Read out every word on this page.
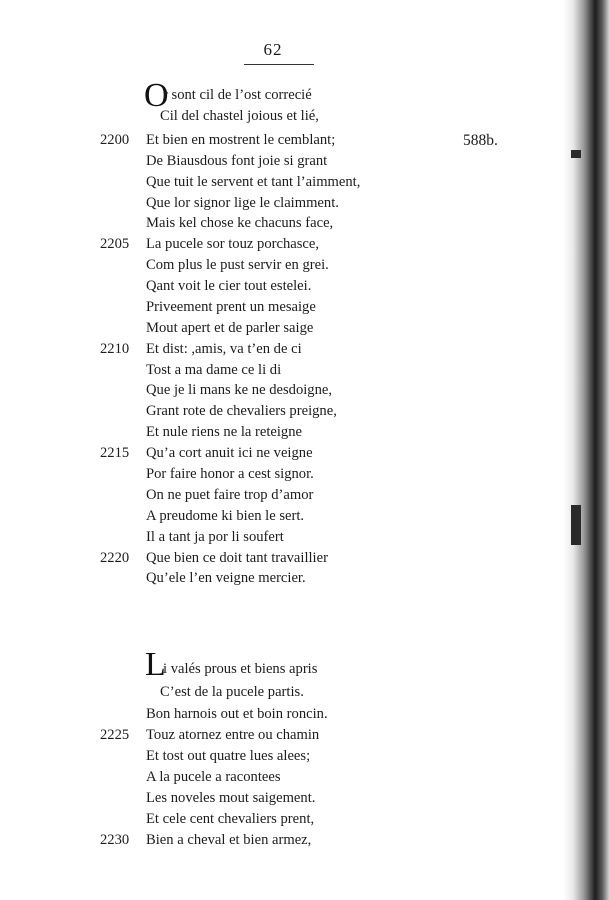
62
588b.
O
r sont cil de l’ost correcié
Cil del chastel joious et lié,
2200	Et bien en mostrent le cemblant;
De Biausdous font joie si grant
Que tuit le servent et tant l’aimment,
Que lor signor lige le claimment.
Mais kel chose ke chacuns face,
2205	La pucele sor touz porchasce,
Com plus le pust servir en grei.
Qant voit le cier tout estelei.
Priveement prent un mesaige
Mout apert et de parler saige
2210	Et dist: ,amis, va t’en de ci
Tost a ma dame ce li di
Que je li mans ke ne desdoigne,
Grant rote de chevaliers preigne,
Et nule riens ne la reteigne
2215	Qu’a cort anuit ici ne veigne
Por faire honor a cest signor.
On ne puet faire trop d’amor
A preudome ki bien le sert.
Il a tant ja por li soufert
2220	Que bien ce doit tant travaillier
Qu’ele l’en veigne mercier.
L
i valés prous et biens apris
C’est de la pucele partis.
Bon harnois out et boin roncin.
2225	Touz atornez entre ou chamin
Et tost out quatre lues alees;
A la pucele a racontees
Les noveles mout saigement.
Et cele cent chevaliers prent,
2230	Bien a cheval et bien armez,
